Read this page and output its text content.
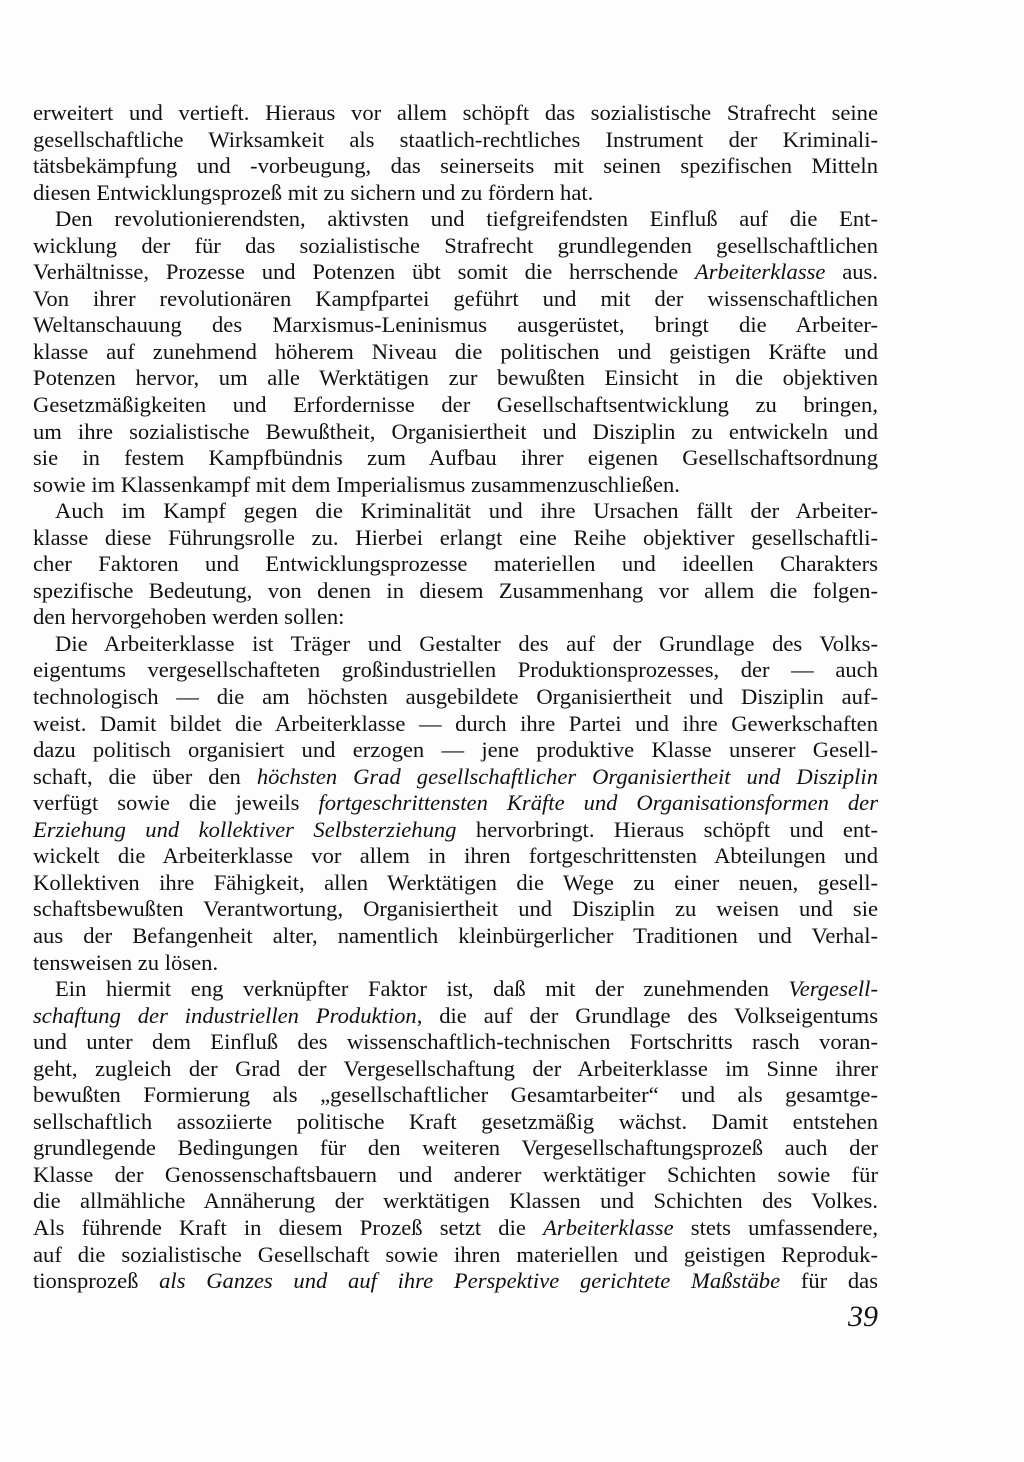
erweitert und vertieft. Hieraus vor allem schöpft das sozialistische Strafrecht seine
gesellschaftliche Wirksamkeit als staatlich-rechtliches Instrument der Kriminali-
tätsbekämpfung und -vorbeugung, das seinerseits mit seinen spezifischen Mitteln
diesen Entwicklungsprozeß mit zu sichern und zu fördern hat.

Den revolutionierendsten, aktivsten und tiefgreifendsten Einfluß auf die Ent-
wicklung der für das sozialistische Strafrecht grundlegenden gesellschaftlichen
Verhältnisse, Prozesse und Potenzen übt somit die herrschende Arbeiterklasse aus.
Von ihrer revolutionären Kampfpartei geführt und mit der wissenschaftlichen
Weltanschauung des Marxismus-Leninismus ausgerüstet, bringt die Arbeiter-
klasse auf zunehmend höherem Niveau die politischen und geistigen Kräfte und
Potenzen hervor, um alle Werktätigen zur bewußten Einsicht in die objektiven
Gesetzmäßigkeiten und Erfordernisse der Gesellschaftsentwicklung zu bringen,
um ihre sozialistische Bewußtheit, Organisiertheit und Disziplin zu entwickeln und
sie in festem Kampfbündnis zum Aufbau ihrer eigenen Gesellschaftsordnung
sowie im Klassenkampf mit dem Imperialismus zusammenzuschließen.

Auch im Kampf gegen die Kriminalität und ihre Ursachen fällt der Arbeiter-
klasse diese Führungsrolle zu. Hierbei erlangt eine Reihe objektiver gesellschaftli-
cher Faktoren und Entwicklungsprozesse materiellen und ideellen Charakters
spezifische Bedeutung, von denen in diesem Zusammenhang vor allem die folgen-
den hervorgehoben werden sollen:

Die Arbeiterklasse ist Träger und Gestalter des auf der Grundlage des Volks-
eigentums vergesellschafteten großindustriellen Produktionsprozesses, der — auch
technologisch — die am höchsten ausgebildete Organisiertheit und Disziplin auf-
weist. Damit bildet die Arbeiterklasse — durch ihre Partei und ihre Gewerkschaften
dazu politisch organisiert und erzogen — jene produktive Klasse unserer Gesell-
schaft, die über den höchsten Grad gesellschaftlicher Organisiertheit und Disziplin
verfügt sowie die jeweils fortgeschrittensten Kräfte und Organisationsformen der
Erziehung und kollektiver Selbsterziehung hervorbringt. Hieraus schöpft und ent-
wickelt die Arbeiterklasse vor allem in ihren fortgeschrittensten Abteilungen und
Kollektiven ihre Fähigkeit, allen Werktätigen die Wege zu einer neuen, gesell-
schaftsbewußten Verantwortung, Organisiertheit und Disziplin zu weisen und sie
aus der Befangenheit alter, namentlich kleinbürgerlicher Traditionen und Verhal-
tensweisen zu lösen.

Ein hiermit eng verknüpfter Faktor ist, daß mit der zunehmenden Vergesell-
schaftung der industriellen Produktion, die auf der Grundlage des Volkseigentums
und unter dem Einfluß des wissenschaftlich-technischen Fortschritts rasch voran-
geht, zugleich der Grad der Vergesellschaftung der Arbeiterklasse im Sinne ihrer
bewußten Formierung als „gesellschaftlicher Gesamtarbeiter“ und als gesamtge-
sellschaftlich assoziierte politische Kraft gesetzmäßig wächst. Damit entstehen
grundlegende Bedingungen für den weiteren Vergesellschaftungsprozeß auch der
Klasse der Genossenschaftsbauern und anderer werktätiger Schichten sowie für
die allmähliche Annäherung der werktätigen Klassen und Schichten des Volkes.
Als führende Kraft in diesem Prozeß setzt die Arbeiterklasse stets umfassendere,
auf die sozialistische Gesellschaft sowie ihren materiellen und geistigen Reproduk-
tionsprozeß als Ganzes und auf ihre Perspektive gerichtete Maßstäbe für das

39
